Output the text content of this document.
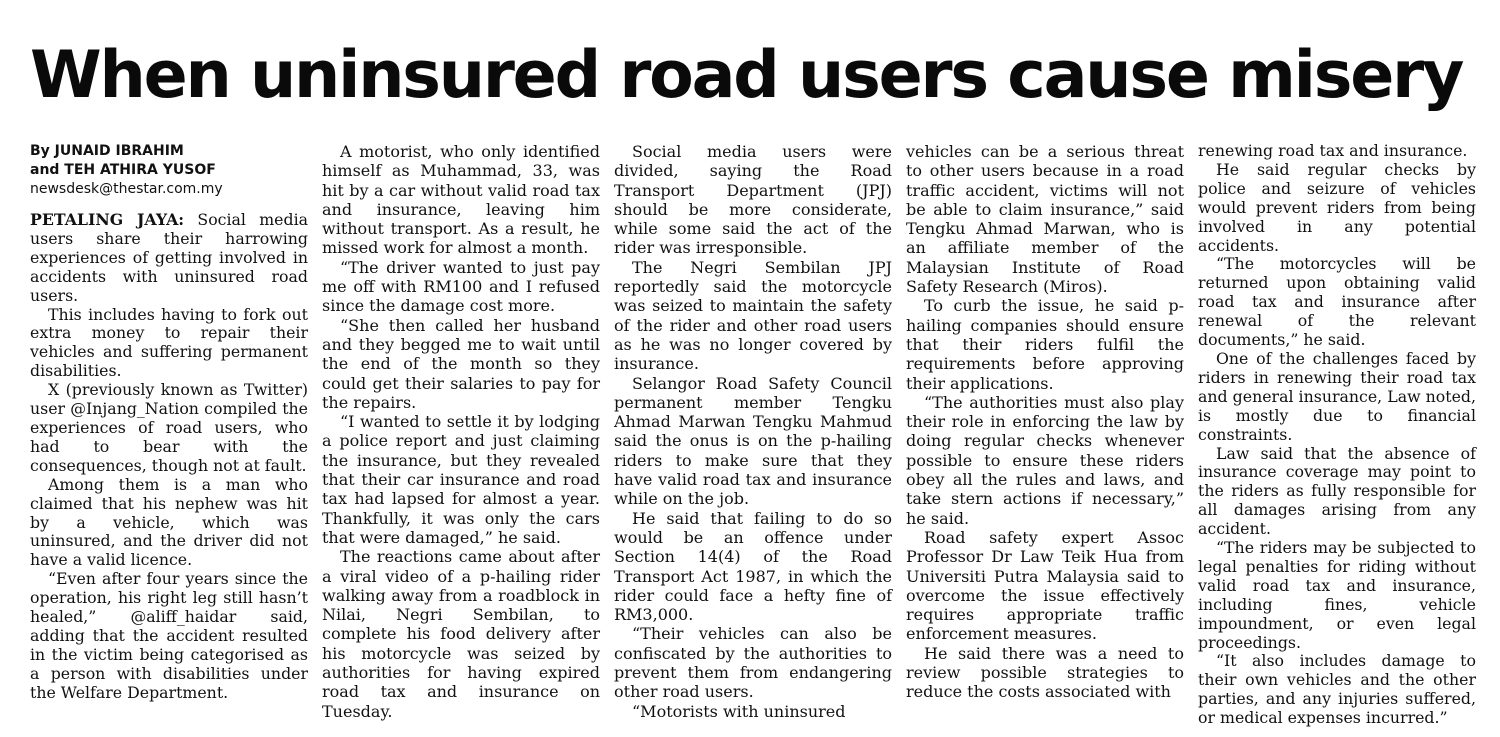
When uninsured road users cause misery
By JUNAID IBRAHIM
and TEH ATHIRA YUSOF
newsdesk@thestar.com.my

PETALING JAYA: Social media users share their harrowing experiences of getting involved in accidents with uninsured road users.

This includes having to fork out extra money to repair their vehicles and suffering permanent disabilities.

X (previously known as Twitter) user @Injang_Nation compiled the experiences of road users, who had to bear with the consequences, though not at fault.

Among them is a man who claimed that his nephew was hit by a vehicle, which was uninsured, and the driver did not have a valid licence.

“Even after four years since the operation, his right leg still hasn’t healed,” @aliff_haidar said, adding that the accident resulted in the victim being categorised as a person with disabilities under the Welfare Department.

A motorist, who only identified himself as Muhammad, 33, was hit by a car without valid road tax and insurance, leaving him without transport. As a result, he missed work for almost a month.

“The driver wanted to just pay me off with RM100 and I refused since the damage cost more.

“She then called her husband and they begged me to wait until the end of the month so they could get their salaries to pay for the repairs.

“I wanted to settle it by lodging a police report and just claiming the insurance, but they revealed that their car insurance and road tax had lapsed for almost a year. Thankfully, it was only the cars that were damaged,” he said.

The reactions came about after a viral video of a p-hailing rider walking away from a roadblock in Nilai, Negri Sembilan, to complete his food delivery after his motorcycle was seized by authorities for having expired road tax and insurance on Tuesday.

Social media users were divided, saying the Road Transport Department (JPJ) should be more considerate, while some said the act of the rider was irresponsible.

The Negri Sembilan JPJ reportedly said the motorcycle was seized to maintain the safety of the rider and other road users as he was no longer covered by insurance.

Selangor Road Safety Council permanent member Tengku Ahmad Marwan Tengku Mahmud said the onus is on the p-hailing riders to make sure that they have valid road tax and insurance while on the job.

He said that failing to do so would be an offence under Section 14(4) of the Road Transport Act 1987, in which the rider could face a hefty fine of RM3,000.

“Their vehicles can also be confiscated by the authorities to prevent them from endangering other road users.

“Motorists with uninsured

vehicles can be a serious threat to other users because in a road traffic accident, victims will not be able to claim insurance,” said Tengku Ahmad Marwan, who is an affiliate member of the Malaysian Institute of Road Safety Research (Miros).

To curb the issue, he said p-hailing companies should ensure that their riders fulfil the requirements before approving their applications.

“The authorities must also play their role in enforcing the law by doing regular checks whenever possible to ensure these riders obey all the rules and laws, and take stern actions if necessary,” he said.

Road safety expert Assoc Professor Dr Law Teik Hua from Universiti Putra Malaysia said to overcome the issue effectively requires appropriate traffic enforcement measures.

He said there was a need to review possible strategies to reduce the costs associated with

renewing road tax and insurance.

He said regular checks by police and seizure of vehicles would prevent riders from being involved in any potential accidents.

“The motorcycles will be returned upon obtaining valid road tax and insurance after renewal of the relevant documents,” he said.

One of the challenges faced by riders in renewing their road tax and general insurance, Law noted, is mostly due to financial constraints.

Law said that the absence of insurance coverage may point to the riders as fully responsible for all damages arising from any accident.

“The riders may be subjected to legal penalties for riding without valid road tax and insurance, including fines, vehicle impoundment, or even legal proceedings.

“It also includes damage to their own vehicles and the other parties, and any injuries suffered, or medical expenses incurred.”
